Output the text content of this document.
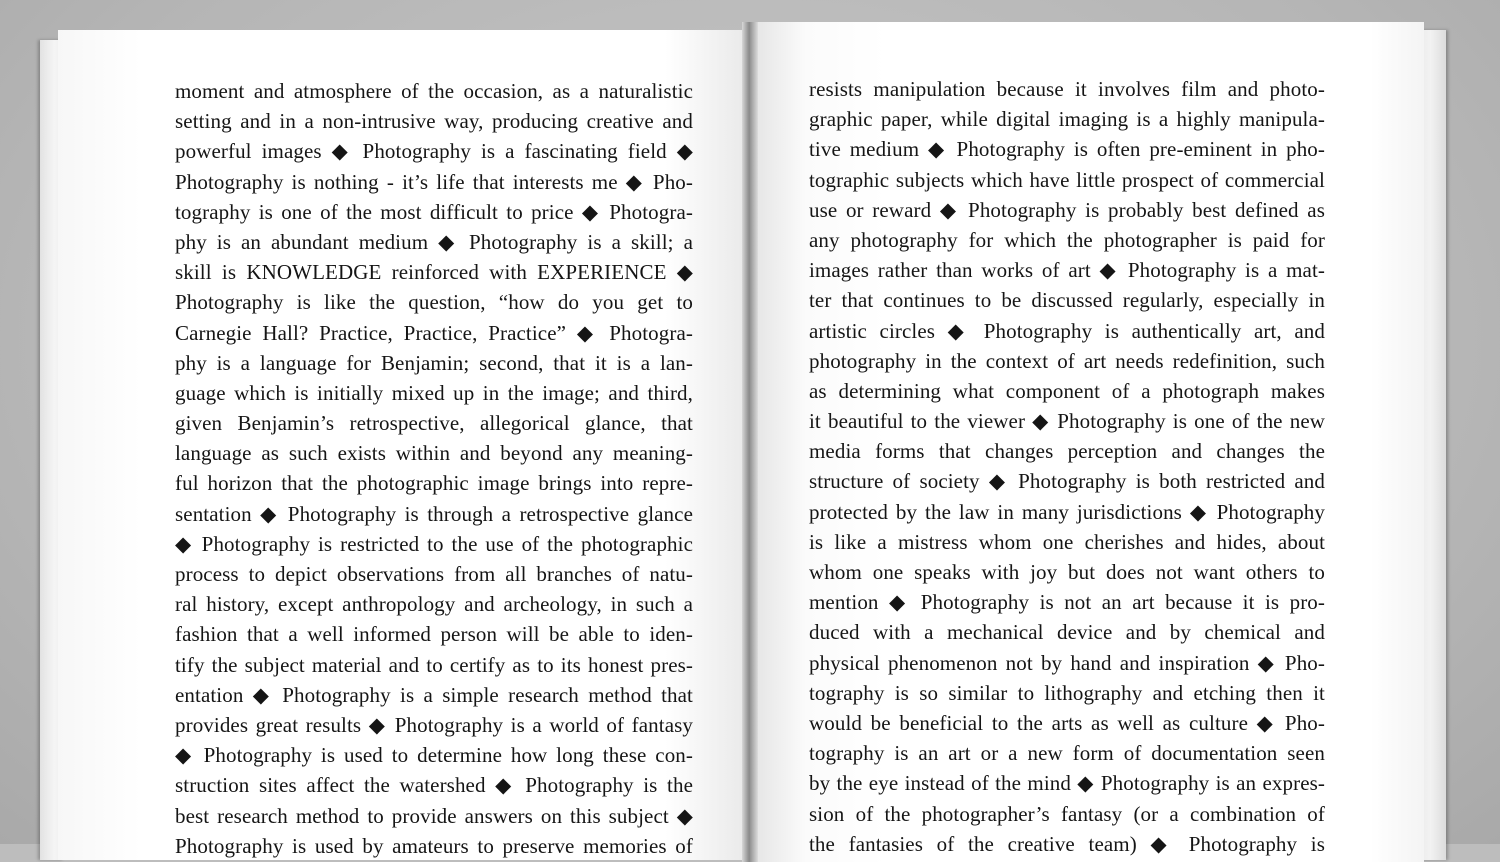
moment and atmosphere of the occasion, as a naturalistic
setting and in a non-intrusive way, producing creative and
powerful images ◆ Photography is a fascinating field ◆
Photography is nothing - it’s life that interests me ◆ Pho-
tography is one of the most difficult to price ◆ Photogra-
phy is an abundant medium ◆ Photography is a skill; a
skill is KNOWLEDGE reinforced with EXPERIENCE ◆
Photography is like the question, “how do you get to
Carnegie Hall? Practice, Practice, Practice” ◆ Photogra-
phy is a language for Benjamin; second, that it is a lan-
guage which is initially mixed up in the image; and third,
given Benjamin’s retrospective, allegorical glance, that
language as such exists within and beyond any meaning-
ful horizon that the photographic image brings into repre-
sentation ◆ Photography is through a retrospective glance
◆ Photography is restricted to the use of the photographic
process to depict observations from all branches of natu-
ral history, except anthropology and archeology, in such a
fashion that a well informed person will be able to iden-
tify the subject material and to certify as to its honest pres-
entation ◆ Photography is a simple research method that
provides great results ◆ Photography is a world of fantasy
◆ Photography is used to determine how long these con-
struction sites affect the watershed ◆ Photography is the
best research method to provide answers on this subject ◆
Photography is used by amateurs to preserve memories of
resists manipulation because it involves film and photo-
graphic paper, while digital imaging is a highly manipula-
tive medium ◆ Photography is often pre-eminent in pho-
tographic subjects which have little prospect of commercial
use or reward ◆ Photography is probably best defined as
any photography for which the photographer is paid for
images rather than works of art ◆ Photography is a mat-
ter that continues to be discussed regularly, especially in
artistic circles ◆ Photography is authentically art, and
photography in the context of art needs redefinition, such
as determining what component of a photograph makes
it beautiful to the viewer ◆ Photography is one of the new
media forms that changes perception and changes the
structure of society ◆ Photography is both restricted and
protected by the law in many jurisdictions ◆ Photography
is like a mistress whom one cherishes and hides, about
whom one speaks with joy but does not want others to
mention ◆ Photography is not an art because it is pro-
duced with a mechanical device and by chemical and
physical phenomenon not by hand and inspiration ◆ Pho-
tography is so similar to lithography and etching then it
would be beneficial to the arts as well as culture ◆ Pho-
tography is an art or a new form of documentation seen
by the eye instead of the mind ◆ Photography is an expres-
sion of the photographer’s fantasy (or a combination of
the fantasies of the creative team) ◆ Photography is
